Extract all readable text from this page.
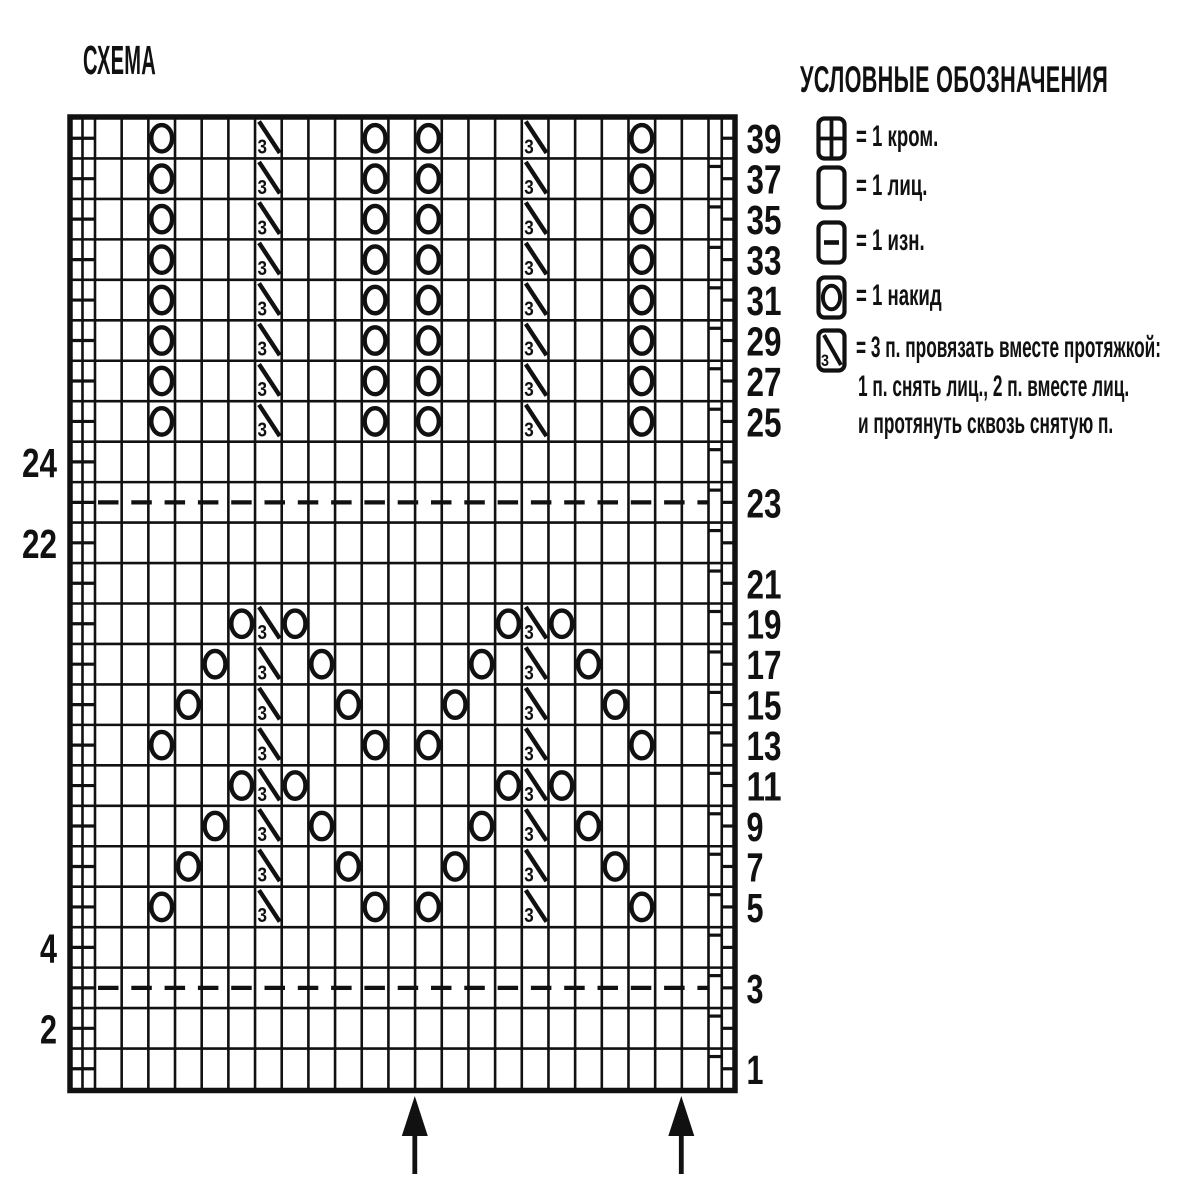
39
3	3
37
3	3
35
3	3
33
3	3
31
3	3
29
3	3
27
3	3
25
3	3
24
23
22
21
19
3	3
17
3	3
15
3	3
13
3	3
11
3	3
9
3	3
7
3	3
5
3	3
4
3
2
1
СХЕМА	УСЛОВНЫЕ ОБОЗНАЧЕНИЯ
3
= 1 кром.
= 1 лиц.
= 1 изн.
= 1 накид
= 3 п. провязать вместе протяжкой:
1 п. снять лиц., 2 п. вместе лиц.
и протянуть сквозь снятую п.
